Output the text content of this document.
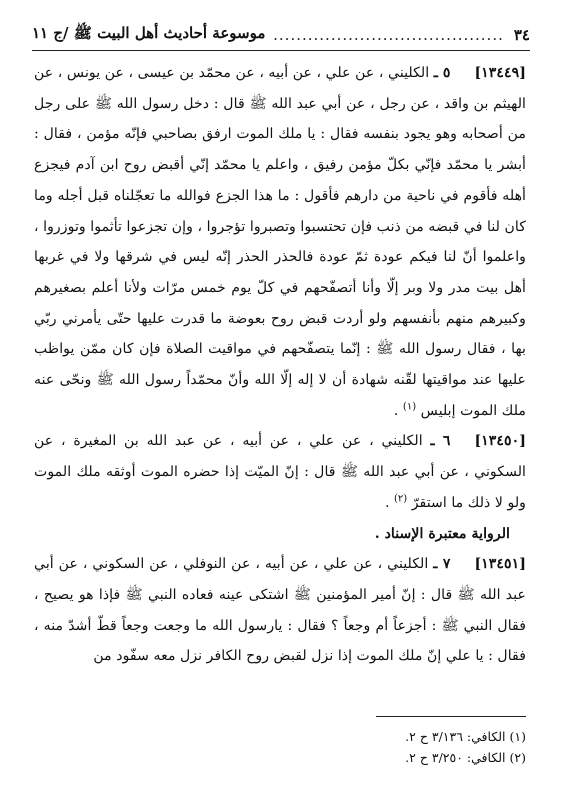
٣٤
........................................
موسوعة أحاديث أهل البيت ﷺ /ج ١١

[١٣٤٤٩]
٥ ـ الكليني ، عن علي ، عن أبيه ، عن محمّد بن عيسى ، عن يونس ، عن الهيثم بن واقد ، عن رجل ، عن أبي عبد الله ﷺ قال : دخل رسول الله ﷺ على رجل من أصحابه وهو يجود بنفسه فقال : يا ملك الموت ارفق بصاحبي فإنّه مؤمن ، فقال : أبشر يا محمّد فإنّي بكلّ مؤمن رفيق ، واعلم يا محمّد إنّي أقبض روح ابن آدم فيجزع أهله فأقوم في ناحية من دارهم فأقول : ما هذا الجزع فوالله ما تعجّلناه قبل أجله وما كان لنا في قبضه من ذنب فإن تحتسبوا وتصبروا تؤجروا ، وإن تجزعوا تأثموا وتوزروا ، واعلموا أنّ لنا فيكم عودة ثمّ عودة فالحذر الحذر إنّه ليس في شرقها ولا في غربها أهل بيت مدر ولا وبر إلّا وأنا أتصفّحهم في كلّ يوم خمس مرّات ولأنا أعلم بصغيرهم وكبيرهم منهم بأنفسهم ولو أردت قبض روح بعوضة ما قدرت عليها حتّى يأمرني ربّي بها ، فقال رسول الله ﷺ : إنّما يتصفّحهم في مواقيت الصلاة فإن كان ممّن يواظب عليها عند مواقيتها لقّنه شهادة أن لا إله إلّا الله وأنّ محمّداً رسول الله ﷺ ونحّى عنه ملك الموت إبليس $^{(١)}$ .

[١٣٤٥٠]
٦ ـ الكليني ، عن علي ، عن أبيه ، عن عبد الله بن المغيرة ، عن السكوني ، عن أبي عبد الله ﷺ قال : إنّ الميّت إذا حضره الموت أوثقه ملك الموت ولو لا ذلك ما استقرّ $^{(٢)}$ .

الرواية معتبرة الإسناد .

[١٣٤٥١]
٧ ـ الكليني ، عن علي ، عن أبيه ، عن النوفلي ، عن السكوني ، عن أبي عبد الله ﷺ قال : إنّ أمير المؤمنين ﷺ اشتكى عينه فعاده النبي ﷺ فإذا هو يصيح ، فقال النبي ﷺ : أجزعاً أم وجعاً ؟ فقال : يارسول الله ما وجعت وجعاً قطّ أشدّ منه ، فقال : يا علي إنّ ملك الموت إذا نزل لقبض روح الكافر نزل معه سفّود من

(١) الكافي: ٣/١٣٦ ح ٢.
(٢) الكافي: ٣/٢٥٠ ح ٢.
